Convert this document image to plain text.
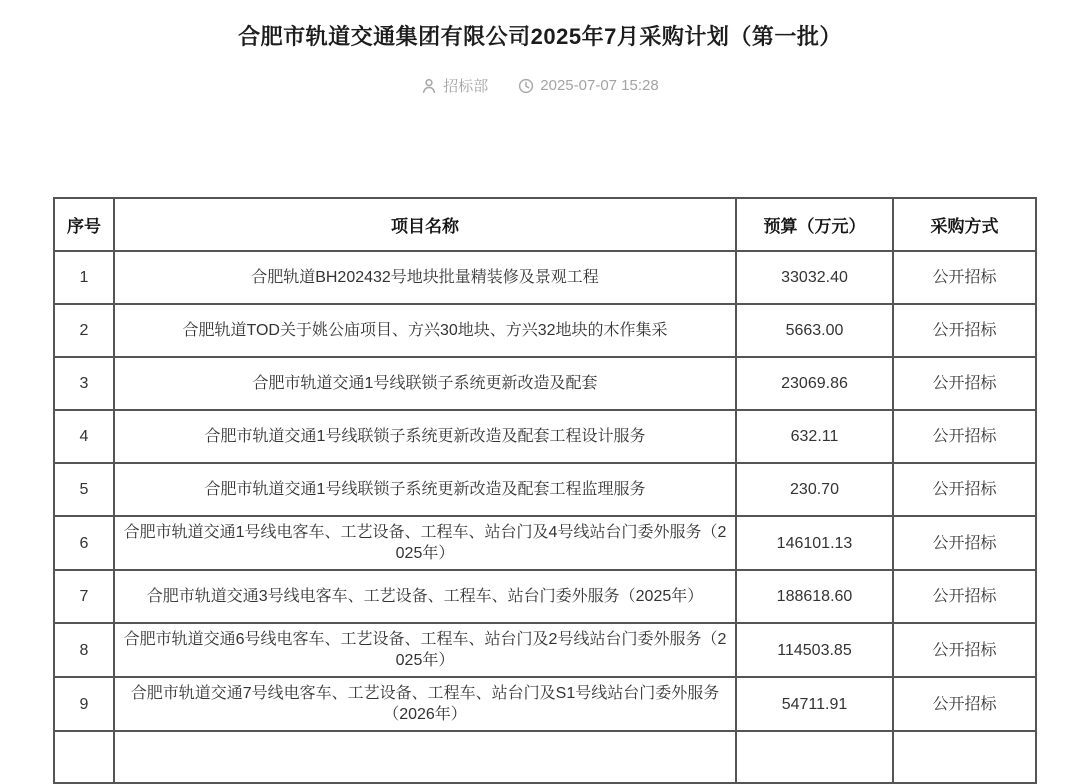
合肥市轨道交通集团有限公司2025年7月采购计划（第一批）
招标部	2025-07-07 15:28
序号	项目名称	预算（万元）	采购方式
1	合肥轨道BH202432号地块批量精装修及景观工程	33032.40	公开招标
2	合肥轨道TOD关于姚公庙项目、方兴30地块、方兴32地块的木作集采	5663.00	公开招标
3	合肥市轨道交通1号线联锁子系统更新改造及配套	23069.86	公开招标
4	合肥市轨道交通1号线联锁子系统更新改造及配套工程设计服务	632.11	公开招标
5	合肥市轨道交通1号线联锁子系统更新改造及配套工程监理服务	230.70	公开招标
6	合肥市轨道交通1号线电客车、工艺设备、工程车、站台门及4号线站台门委外服务（2025年）	146101.13	公开招标
7	合肥市轨道交通3号线电客车、工艺设备、工程车、站台门委外服务（2025年）	188618.60	公开招标
8	合肥市轨道交通6号线电客车、工艺设备、工程车、站台门及2号线站台门委外服务（2025年）	114503.85	公开招标
9	合肥市轨道交通7号线电客车、工艺设备、工程车、站台门及S1号线站台门委外服务（2026年）	54711.91	公开招标
